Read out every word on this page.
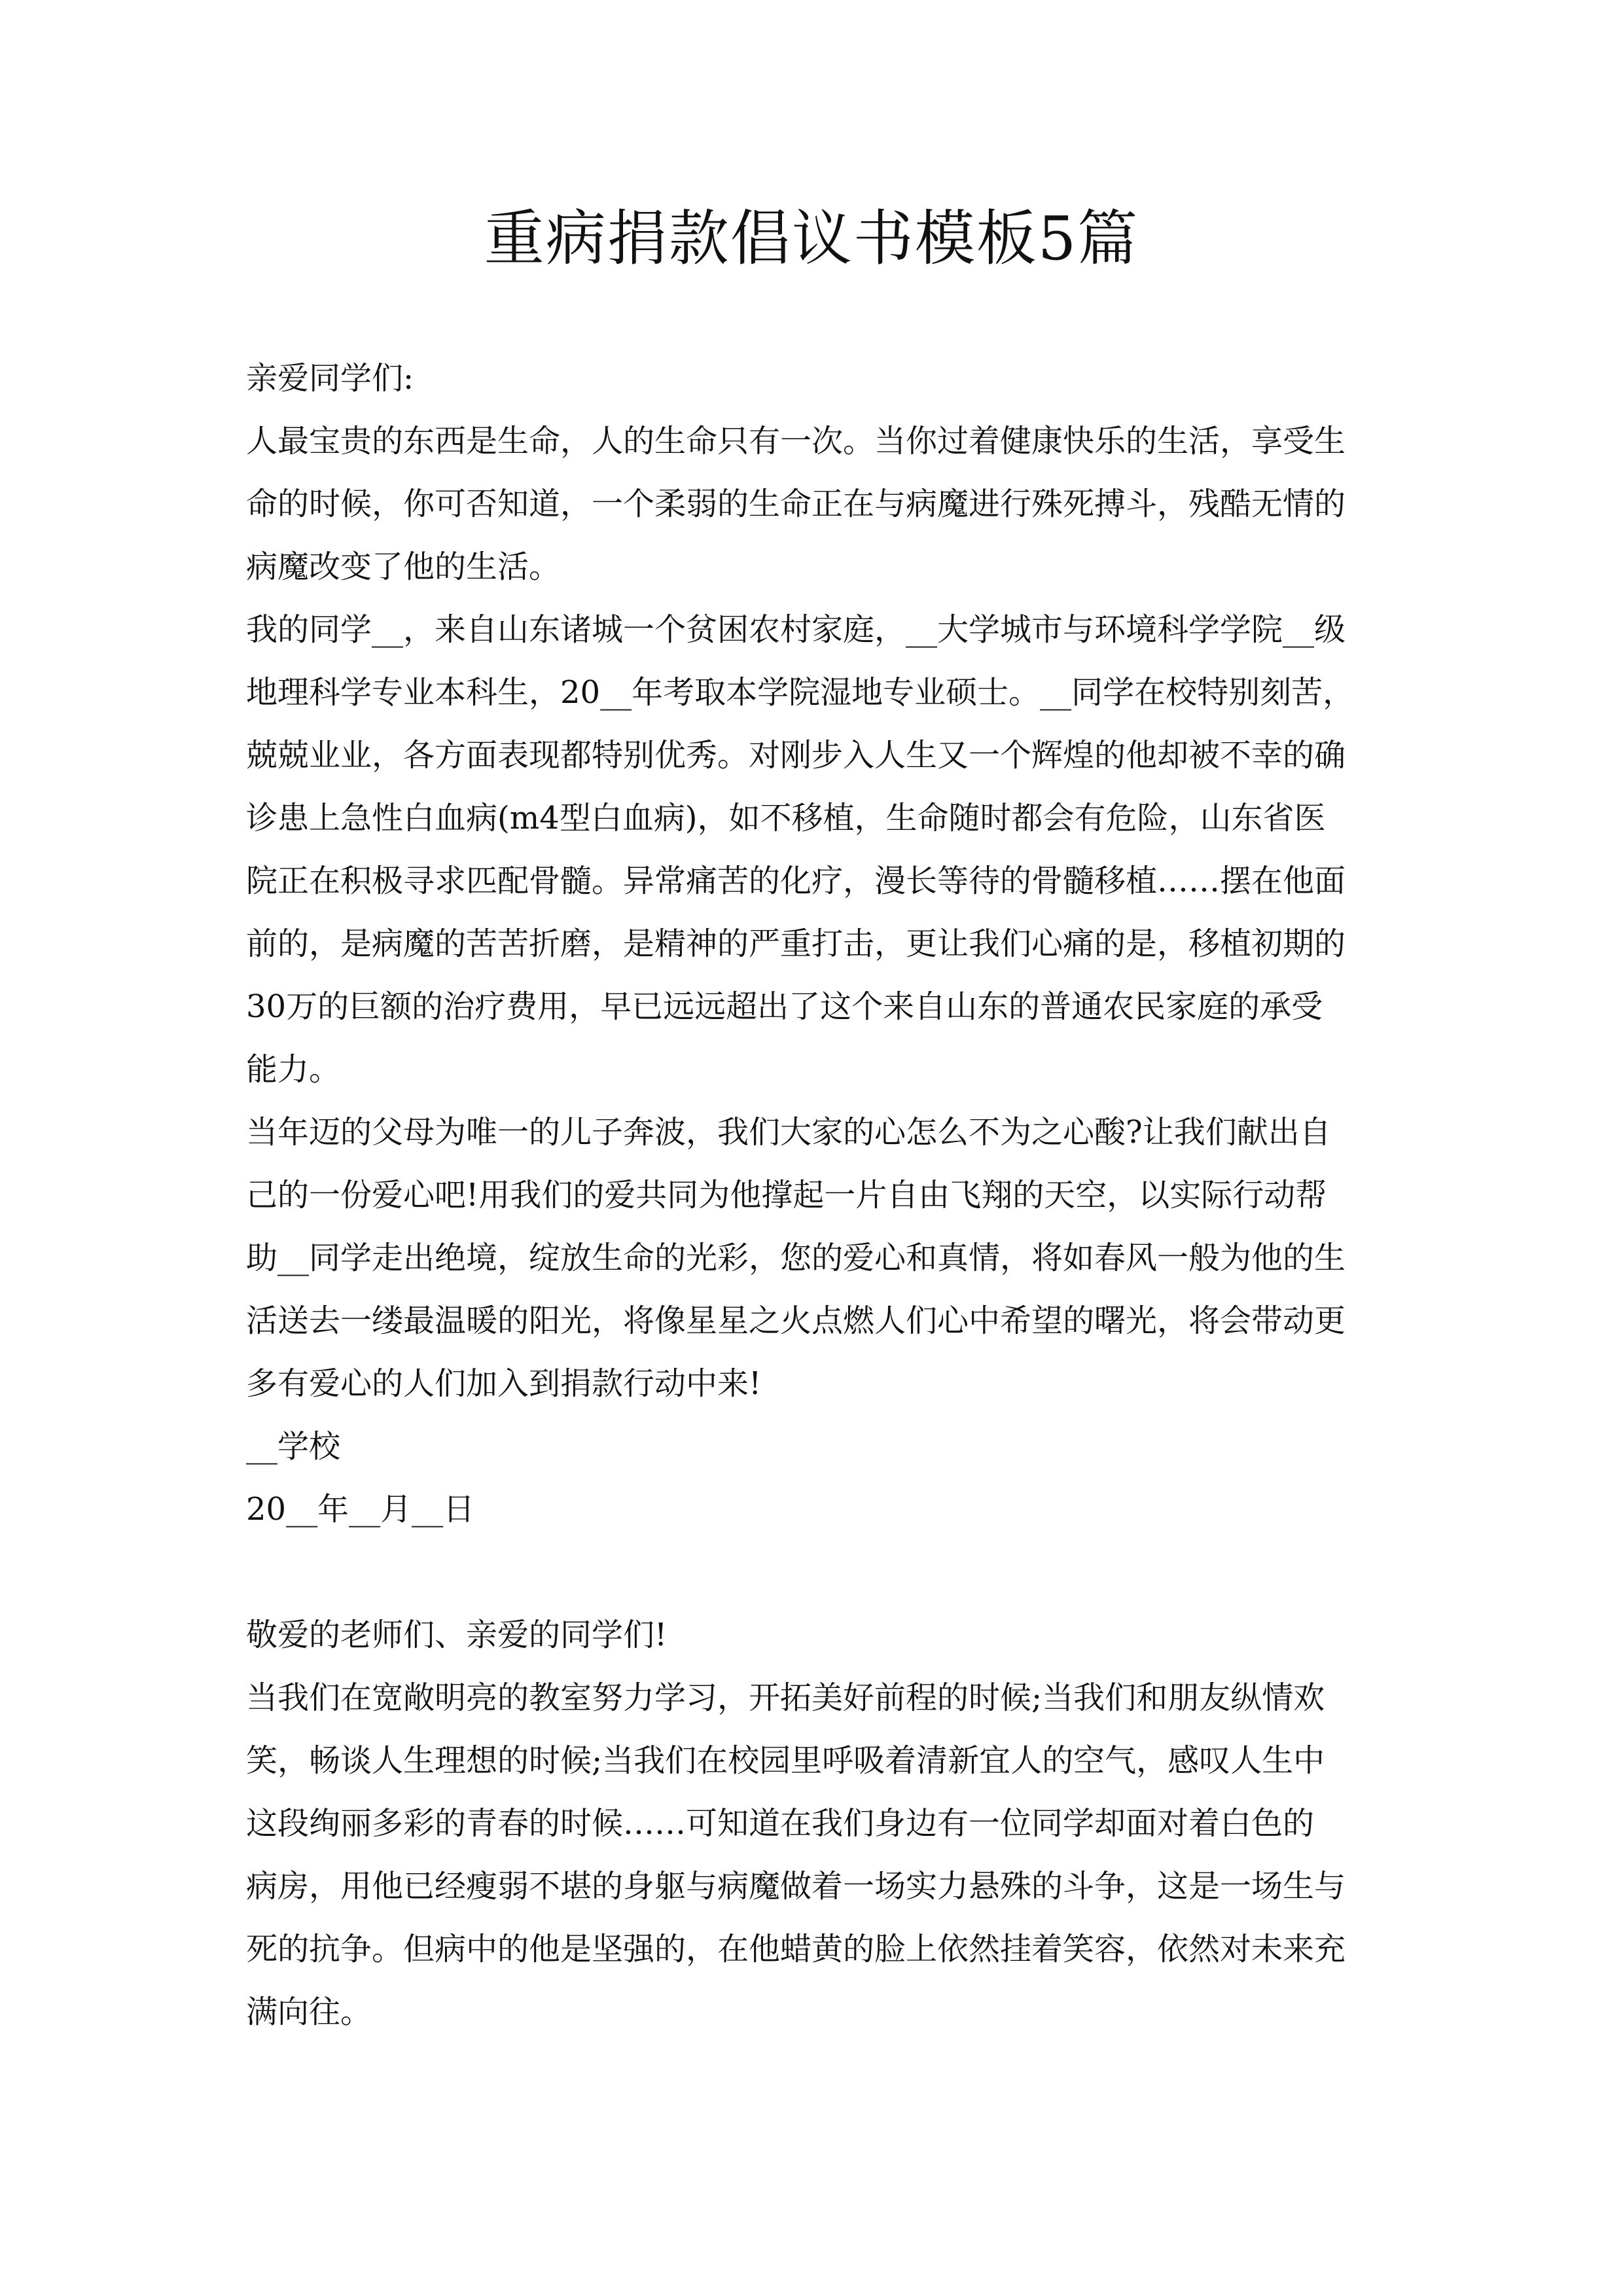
重病捐款倡议书模板5篇
亲爱同学们:
人最宝贵的东西是生命，人的生命只有一次。当你过着健康快乐的生活，享受生
命的时候，你可否知道，一个柔弱的生命正在与病魔进行殊死搏斗，残酷无情的
病魔改变了他的生活。
我的同学__，来自山东诸城一个贫困农村家庭，__大学城市与环境科学学院__级
地理科学专业本科生，20__年考取本学院湿地专业硕士。__同学在校特别刻苦，
兢兢业业，各方面表现都特别优秀。对刚步入人生又一个辉煌的他却被不幸的确
诊患上急性白血病(m4型白血病)，如不移植，生命随时都会有危险，山东省医
院正在积极寻求匹配骨髓。异常痛苦的化疗，漫长等待的骨髓移植……摆在他面
前的，是病魔的苦苦折磨，是精神的严重打击，更让我们心痛的是，移植初期的
30万的巨额的治疗费用，早已远远超出了这个来自山东的普通农民家庭的承受
能力。
当年迈的父母为唯一的儿子奔波，我们大家的心怎么不为之心酸?让我们献出自
己的一份爱心吧!用我们的爱共同为他撑起一片自由飞翔的天空，以实际行动帮
助__同学走出绝境，绽放生命的光彩，您的爱心和真情，将如春风一般为他的生
活送去一缕最温暖的阳光，将像星星之火点燃人们心中希望的曙光，将会带动更
多有爱心的人们加入到捐款行动中来!
__学校
20__年__月__日
敬爱的老师们、亲爱的同学们!
当我们在宽敞明亮的教室努力学习，开拓美好前程的时候;当我们和朋友纵情欢
笑，畅谈人生理想的时候;当我们在校园里呼吸着清新宜人的空气，感叹人生中
这段绚丽多彩的青春的时候……可知道在我们身边有一位同学却面对着白色的
病房，用他已经瘦弱不堪的身躯与病魔做着一场实力悬殊的斗争，这是一场生与
死的抗争。但病中的他是坚强的，在他蜡黄的脸上依然挂着笑容，依然对未来充
满向往。
